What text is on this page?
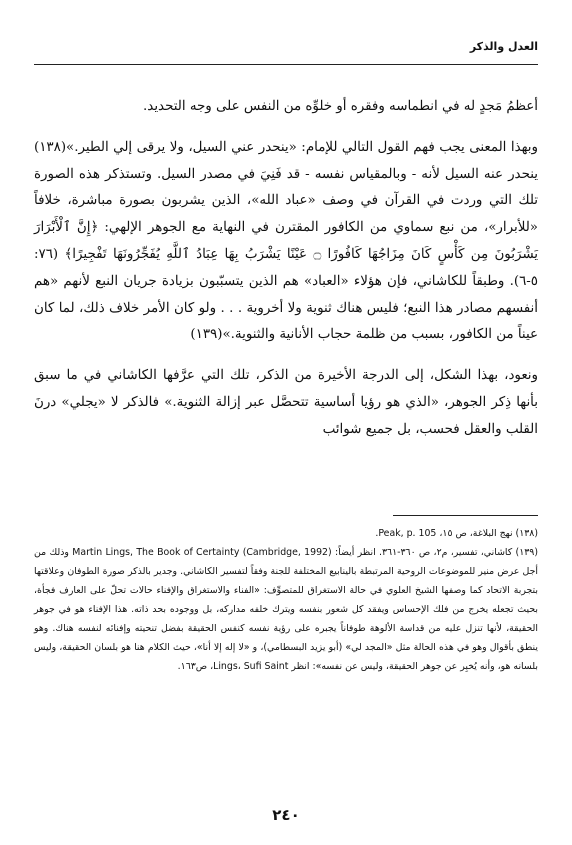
العدل والذكر

أعظمُ مَجدٍ له في انطماسه وفقره أو خلوِّه من النفس على وجه التحديد.

وبهذا المعنى يجب فهم القول التالي للإمام: «ينحدر عني السيل، ولا يرقى إلي الطير.»(١٣٨) ينحدر عنه السيل لأنه - وبالمقياس نفسه - قد فَنِيَ في مصدر السيل. وتستذكر هذه الصورة تلك التي وردت في القرآن في وصف «عباد الله»، الذين يشربون بصورة مباشرة، خلافاً «للأبرار»، من نبع سماوي من الكافور المقترن في النهاية مع الجوهر الإلهي: ﴿إِنَّ ٱلْأَبْرَارَ يَشْرَبُونَ مِن كَأْسٍ كَانَ مِزَاجُهَا كَافُورًا ۝ عَيْنًا يَشْرَبُ بِهَا عِبَادُ ٱللَّهِ يُفَجِّرُونَهَا تَفْجِيرًا﴾ (٧٦: ٥-٦). وطبقاً للكاشاني، فإن هؤلاء «العباد» هم الذين يتسبّبون بزيادة جريان النبع لأنهم «هم أنفسهم مصادر هذا النبع؛ فليس هناك ثنوية ولا أخروية . . . ولو كان الأمر خلاف ذلك، لما كان عيناً من الكافور، بسبب من ظلمة حجاب الأنانية والثنوية.»(١٣٩)

ونعود، بهذا الشكل، إلى الدرجة الأخيرة من الذكر، تلك التي عرَّفها الكاشاني في ما سبق بأنها ذِكر الجوهر، «الذي هو رؤيا أساسية تتحصَّل عبر إزالة الثنوية.» فالذكر لا «يجلي» درنَ القلب والعقل فحسب، بل جميع شوائب

(١٣٨) نهج البلاغة، ص ١٥، Peak, p. 105.

(١٣٩) كاشاني، تفسير، م٢، ص ٣٦٠-٣٦١. انظر أيضاً: Martin Lings, The Book of Certainty (Cambridge, 1992) وذلك من أجل عرض منير للموضوعات الروحية المرتبطة بالينابيع المختلفة للجنة وفقاً لتفسير الكاشاني. وجدير بالذكر صورة الطوفان وعلاقتها بتجربة الاتحاد كما وصفها الشيخ العلوي في حالة الاستغراق للمتصوِّف: «الفناء والاستغراق والإفناء حالات تحلّ على العارف فجأة، بحيث تجعله يخرج من فلك الإحساس ويفقد كل شعور بنفسه ويترك خلفه مداركه، بل ووجوده بحد ذاته. هذا الإفناء هو في جوهر الحقيقة، لأنها تنزل عليه من قداسة الألوهة طوفاناً يجبره على رؤية نفسه كنفس الحقيقة بفضل تنحيته وإفنائه لنفسه هناك. وهو ينطق بأقوال وهو في هذه الحالة مثل «المجد لي» (أبو يزيد البسطامي)، و «لا إله إلا أنا»، حيث الكلام هنا هو بلسان الحقيقة، وليس بلسانه هو، وأنه يُخبِر عن جوهر الحقيقة، وليس عن نفسه»: انظر Lings، Sufi Saint، ص١٦٣.

٢٤٠
